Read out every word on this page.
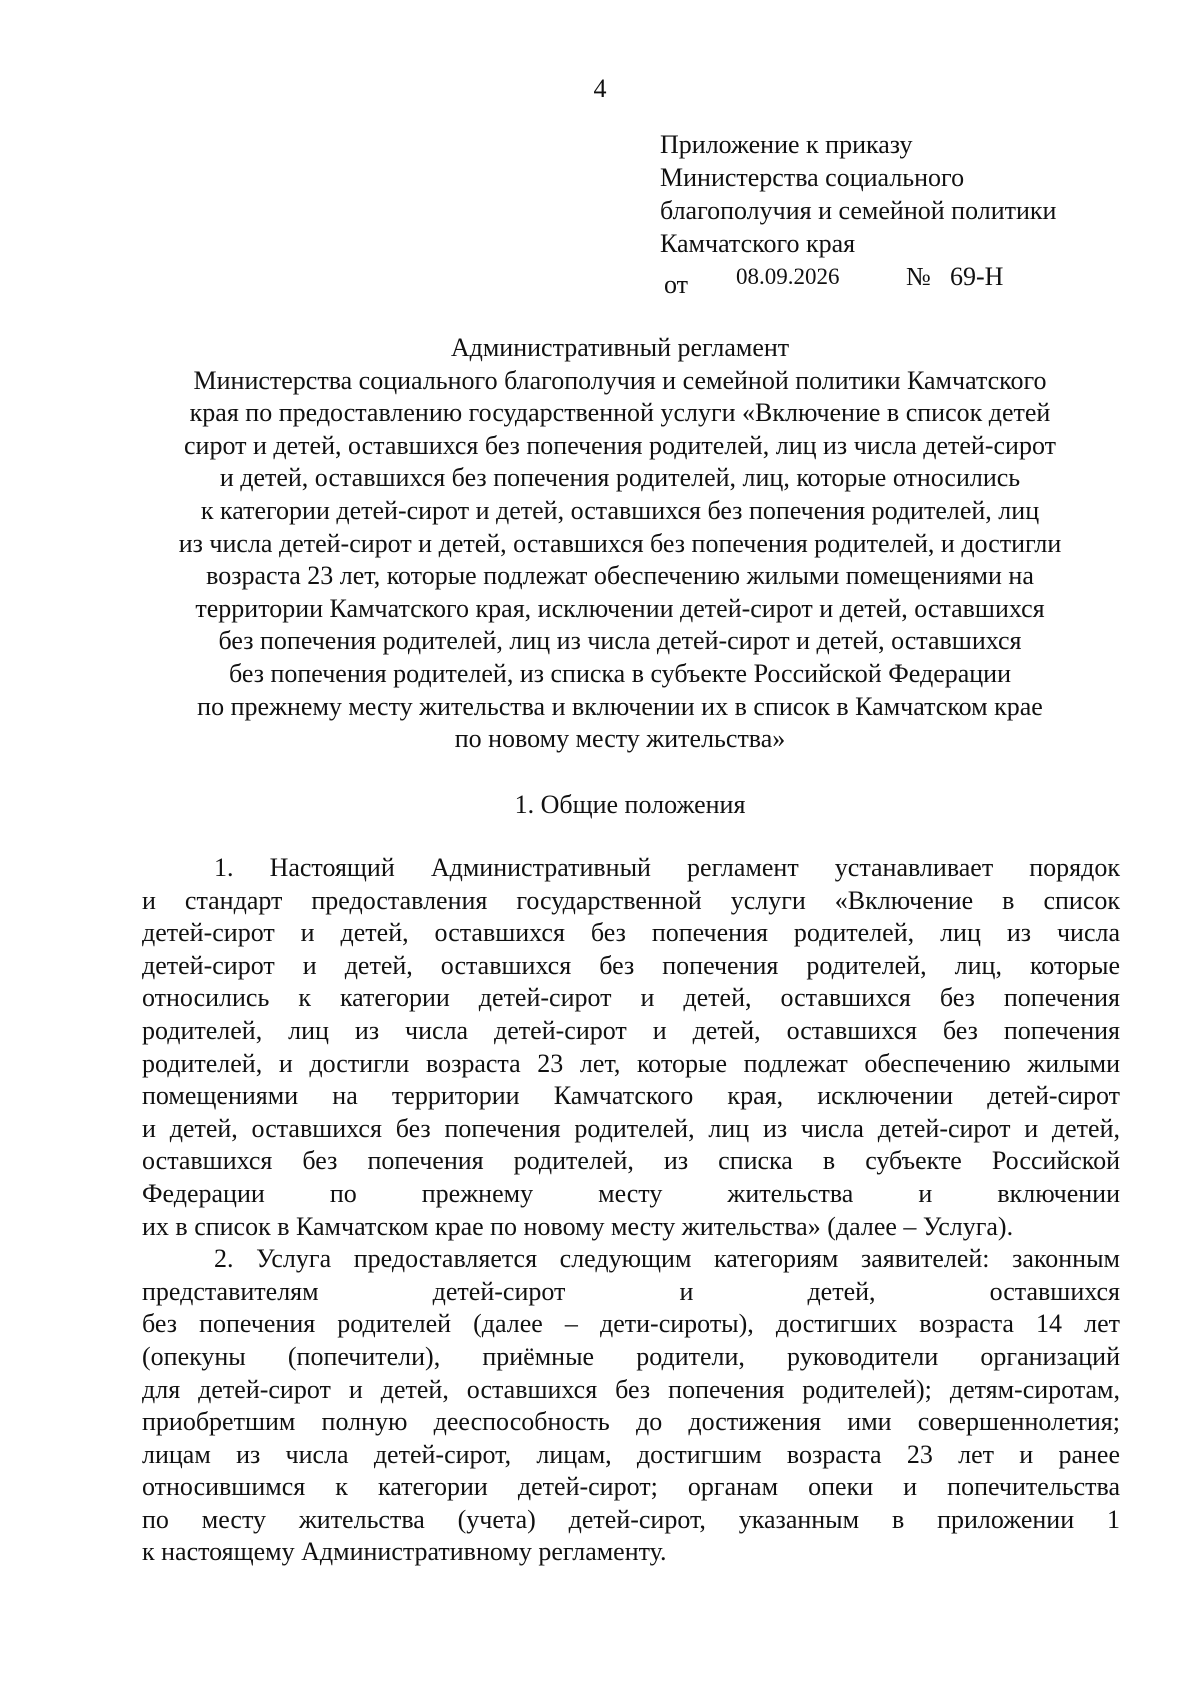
4
Приложение к приказу
Министерства социального
благополучия и семейной политики
Камчатского края
от 08.09.2026	№ 69-Н
Административный регламент
Министерства социального благополучия и семейной политики Камчатского
края по предоставлению государственной услуги «Включение в список детей
сирот и детей, оставшихся без попечения родителей, лиц из числа детей-сирот
и детей, оставшихся без попечения родителей, лиц, которые относились
к категории детей-сирот и детей, оставшихся без попечения родителей, лиц
из числа детей-сирот и детей, оставшихся без попечения родителей, и достигли
возраста 23 лет, которые подлежат обеспечению жилыми помещениями на
территории Камчатского края, исключении детей-сирот и детей, оставшихся
без попечения родителей, лиц из числа детей-сирот и детей, оставшихся
без попечения родителей, из списка в субъекте Российской Федерации
по прежнему месту жительства и включении их в список в Камчатском крае
по новому месту жительства»
1. Общие положения
1. Настоящий Административный регламент устанавливает порядок
и стандарт предоставления государственной услуги «Включение в список
детей-сирот и детей, оставшихся без попечения родителей, лиц из числа
детей-сирот и детей, оставшихся без попечения родителей, лиц, которые
относились к категории детей-сирот и детей, оставшихся без попечения
родителей, лиц из числа детей-сирот и детей, оставшихся без попечения
родителей, и достигли возраста 23 лет, которые подлежат обеспечению жилыми
помещениями на территории Камчатского края, исключении детей-сирот
и детей, оставшихся без попечения родителей, лиц из числа детей-сирот и детей,
оставшихся без попечения родителей, из списка в субъекте Российской
Федерации по прежнему месту жительства и включении
их в список в Камчатском крае по новому месту жительства» (далее – Услуга).
2. Услуга предоставляется следующим категориям заявителей: законным
представителям детей-сирот и детей, оставшихся
без попечения родителей (далее – дети-сироты), достигших возраста 14 лет
(опекуны (попечители), приёмные родители, руководители организаций
для детей-сирот и детей, оставшихся без попечения родителей); детям-сиротам,
приобретшим полную дееспособность до достижения ими совершеннолетия;
лицам из числа детей-сирот, лицам, достигшим возраста 23 лет и ранее
относившимся к категории детей-сирот; органам опеки и попечительства
по месту жительства (учета) детей-сирот, указанным в приложении 1
к настоящему Административному регламенту.
